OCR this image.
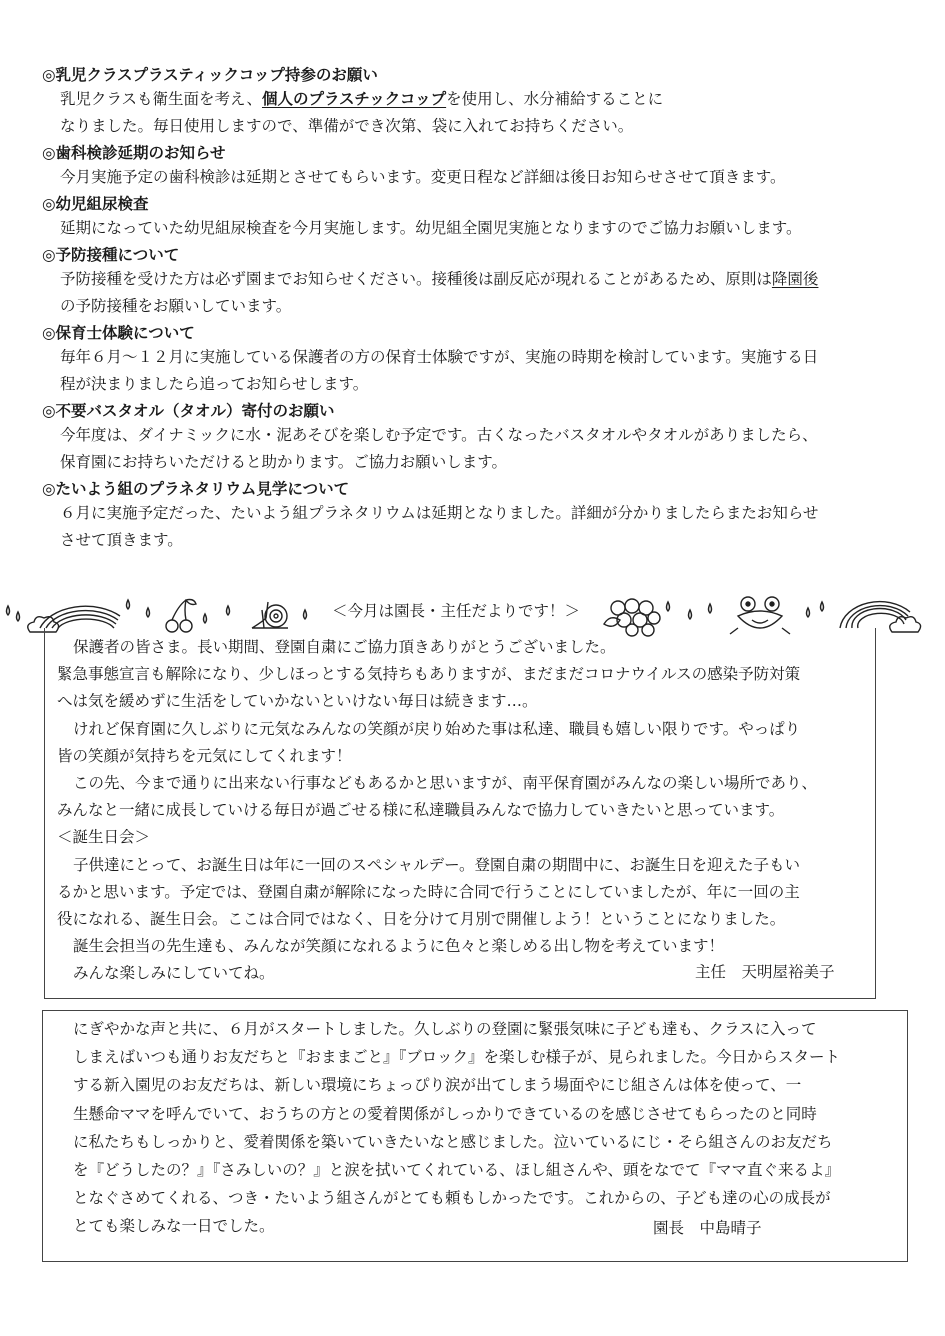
◎乳児クラスプラスティックコップ持参のお願い
乳児クラスも衛生面を考え、個人のプラスチックコップを使用し、水分補給することに
なりました。毎日使用しますので、準備ができ次第、袋に入れてお持ちください。
◎歯科検診延期のお知らせ
今月実施予定の歯科検診は延期とさせてもらいます。変更日程など詳細は後日お知らせさせて頂きます。
◎幼児組尿検査
延期になっていた幼児組尿検査を今月実施します。幼児組全園児実施となりますのでご協力お願いします。
◎予防接種について
予防接種を受けた方は必ず園までお知らせください。接種後は副反応が現れることがあるため、原則は降園後
の予防接種をお願いしています。
◎保育士体験について
毎年６月～１２月に実施している保護者の方の保育士体験ですが、実施の時期を検討しています。実施する日
程が決まりましたら追ってお知らせします。
◎不要バスタオル（タオル）寄付のお願い
今年度は、ダイナミックに水・泥あそびを楽しむ予定です。古くなったバスタオルやタオルがありましたら、
保育園にお持ちいただけると助かります。ご協力お願いします。
◎たいよう組のプラネタリウム見学について
６月に実施予定だった、たいよう組プラネタリウムは延期となりました。詳細が分かりましたらまたお知らせ
させて頂きます。
＜今月は園長・主任だよりです！＞
保護者の皆さま。長い期間、登園自粛にご協力頂きありがとうございました。
緊急事態宣言も解除になり、少しほっとする気持ちもありますが、まだまだコロナウイルスの感染予防対策
へは気を緩めずに生活をしていかないといけない毎日は続きます…。
けれど保育園に久しぶりに元気なみんなの笑顔が戻り始めた事は私達、職員も嬉しい限りです。やっぱり
皆の笑顔が気持ちを元気にしてくれます！
この先、今まで通りに出来ない行事などもあるかと思いますが、南平保育園がみんなの楽しい場所であり、
みんなと一緒に成長していける毎日が過ごせる様に私達職員みんなで協力していきたいと思っています。
＜誕生日会＞
子供達にとって、お誕生日は年に一回のスペシャルデー。登園自粛の期間中に、お誕生日を迎えた子もい
るかと思います。予定では、登園自粛が解除になった時に合同で行うことにしていましたが、年に一回の主
役になれる、誕生日会。ここは合同ではなく、日を分けて月別で開催しよう！ということになりました。
誕生会担当の先生達も、みんなが笑顔になれるように色々と楽しめる出し物を考えています！
みんな楽しみにしていてね。	主任　天明屋裕美子
にぎやかな声と共に、６月がスタートしました。久しぶりの登園に緊張気味に子ども達も、クラスに入って
しまえばいつも通りお友だちと『おままごと』『ブロック』を楽しむ様子が、見られました。今日からスタート
する新入園児のお友だちは、新しい環境にちょっぴり涙が出てしまう場面やにじ組さんは体を使って、一
生懸命ママを呼んでいて、おうちの方との愛着関係がしっかりできているのを感じさせてもらったのと同時
に私たちもしっかりと、愛着関係を築いていきたいなと感じました。泣いているにじ・そら組さんのお友だち
を『どうしたの？』『さみしいの？』と涙を拭いてくれている、ほし組さんや、頭をなでて『ママ直ぐ来るよ』
となぐさめてくれる、つき・たいよう組さんがとても頼もしかったです。これからの、子ども達の心の成長が
とても楽しみな一日でした。	園長　中島晴子
